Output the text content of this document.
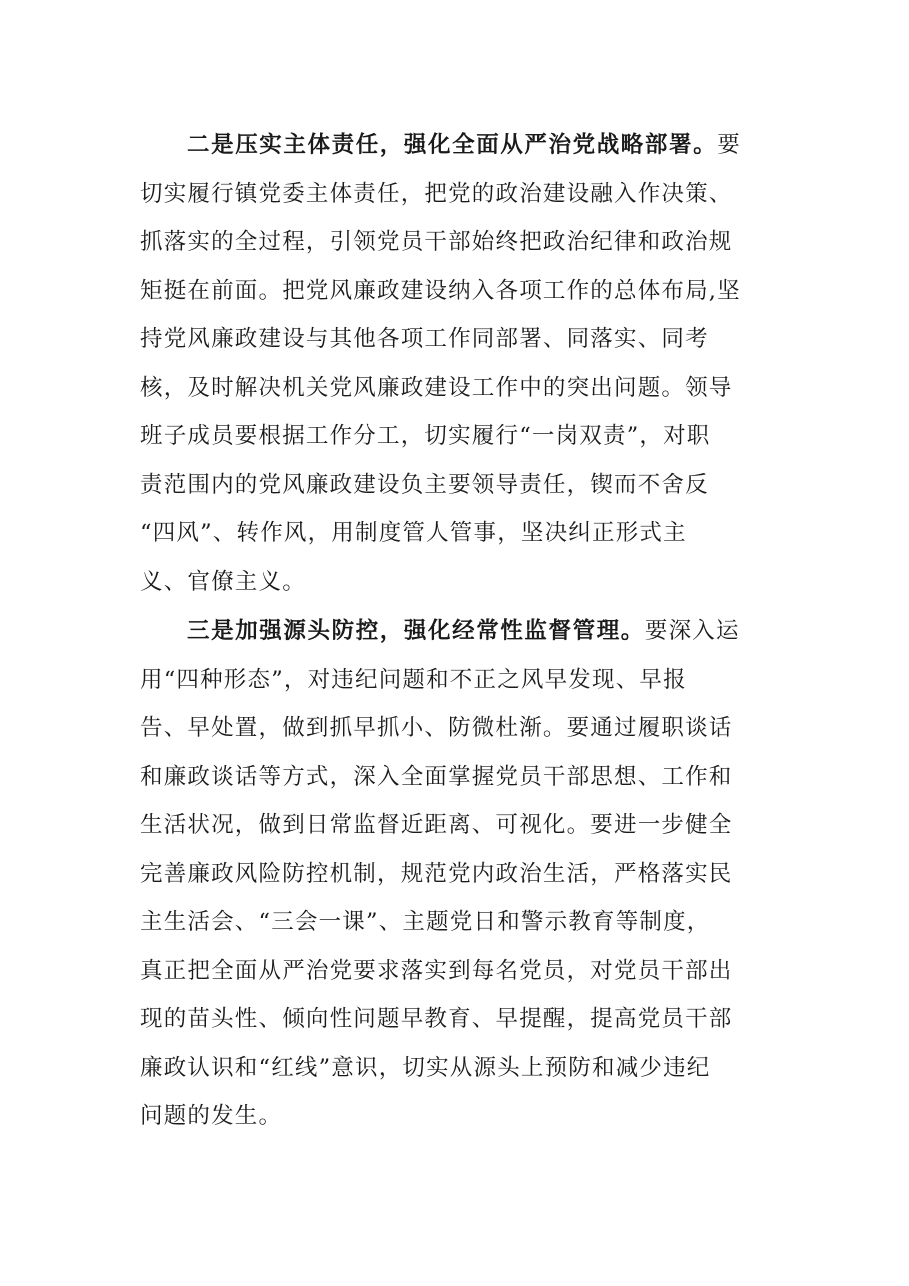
二是压实主体责任，强化全面从严治党战略部署。要
切实履行镇党委主体责任，把党的政治建设融入作决策、
抓落实的全过程，引领党员干部始终把政治纪律和政治规
矩挺在前面。把党风廉政建设纳入各项工作的总体布局,坚
持党风廉政建设与其他各项工作同部署、同落实、同考
核，及时解决机关党风廉政建设工作中的突出问题。领导
班子成员要根据工作分工，切实履行“一岗双责”，对职
责范围内的党风廉政建设负主要领导责任，锲而不舍反
“四风”、转作风，用制度管人管事，坚决纠正形式主
义、官僚主义。
三是加强源头防控，强化经常性监督管理。要深入运
用“四种形态”，对违纪问题和不正之风早发现、早报
告、早处置，做到抓早抓小、防微杜渐。要通过履职谈话
和廉政谈话等方式，深入全面掌握党员干部思想、工作和
生活状况，做到日常监督近距离、可视化。要进一步健全
完善廉政风险防控机制，规范党内政治生活，严格落实民
主生活会、“三会一课”、主题党日和警示教育等制度，
真正把全面从严治党要求落实到每名党员，对党员干部出
现的苗头性、倾向性问题早教育、早提醒，提高党员干部
廉政认识和“红线”意识，切实从源头上预防和减少违纪
问题的发生。
